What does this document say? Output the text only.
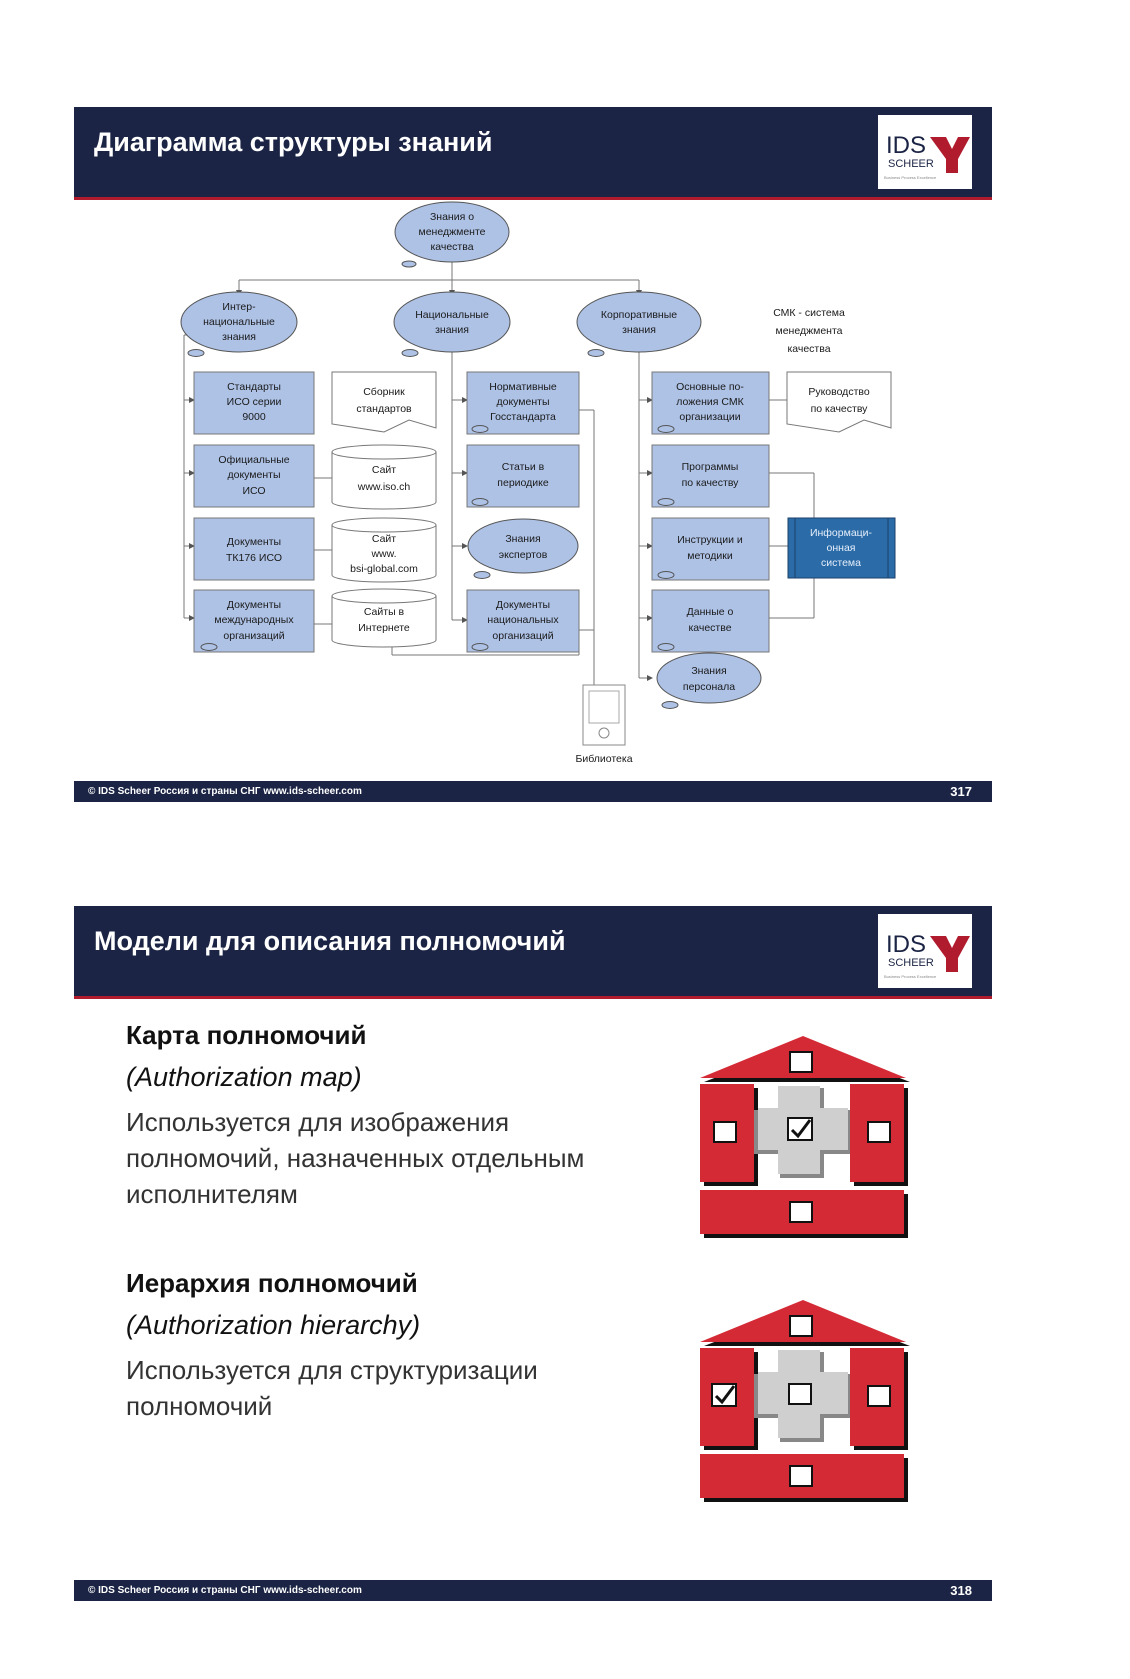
Диаграмма структуры знаний	IDS
SCHEER
Business Process Excellence
Знания о менеджменте качества
Интер-национальные знания
Национальные знания
Корпоративные знания
СМК - система менеджмента качества
Стандарты ИСО серии 9000
Официальные документы ИСО
Документы ТК176 ИСО
Документы международных организаций
Сборник стандартов
Сайт www.iso.ch
Сайт www. bsi-global.com
Сайты в Интернете
Нормативные документы Госстандарта
Статьи в периодике
Знания экспертов
Документы национальных организаций
Библиотека
Основные по-ложения СМК организации
Программы по качеству
Инструкции и методики
Данные о качестве
Знания персонала
Руководство по качеству
Информаци-онная система
© IDS Scheer Россия и страны СНГ www.ids-scheer.com	317
Модели для описания полномочий	IDS
SCHEER
Business Process Excellence
Карта полномочий
(Authorization map)
Используется для изображения полномочий, назначенных отдельным исполнителям
Иерархия полномочий
(Authorization hierarchy)
Используется для структуризации полномочий
© IDS Scheer Россия и страны СНГ www.ids-scheer.com	318
